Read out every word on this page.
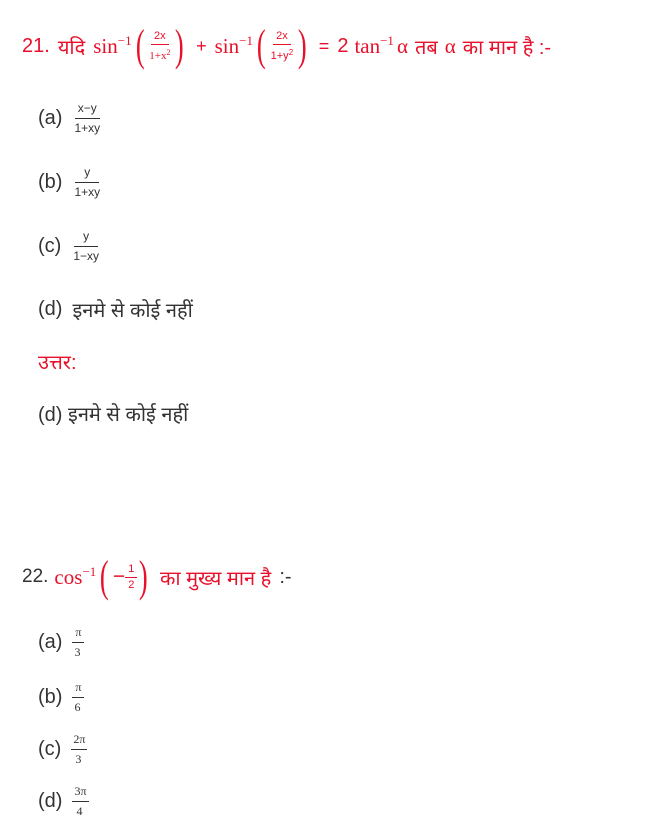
21. यदि $\sin^{-1}$ ( $\frac{2x}{1+x^2}$ ) + $\sin^{-1}$ ( $\frac{2x}{1+y^2}$ ) = 2 $\tan^{-1} \alpha$ तब α का मान है :-
(a) x−y
1+xy
(b)	y
1+xy
(c)	y
1−xy
(d) इनमे से कोई नहीं
उत्तर:
(d) इनमे से कोई नहीं
22. $\cos^{-1}$ ( − $\frac{1}{2}$ ) का मुख्य मान है :-
(a) π
3
(b) π
6
(c) 2π
3
(d) 3π
4
